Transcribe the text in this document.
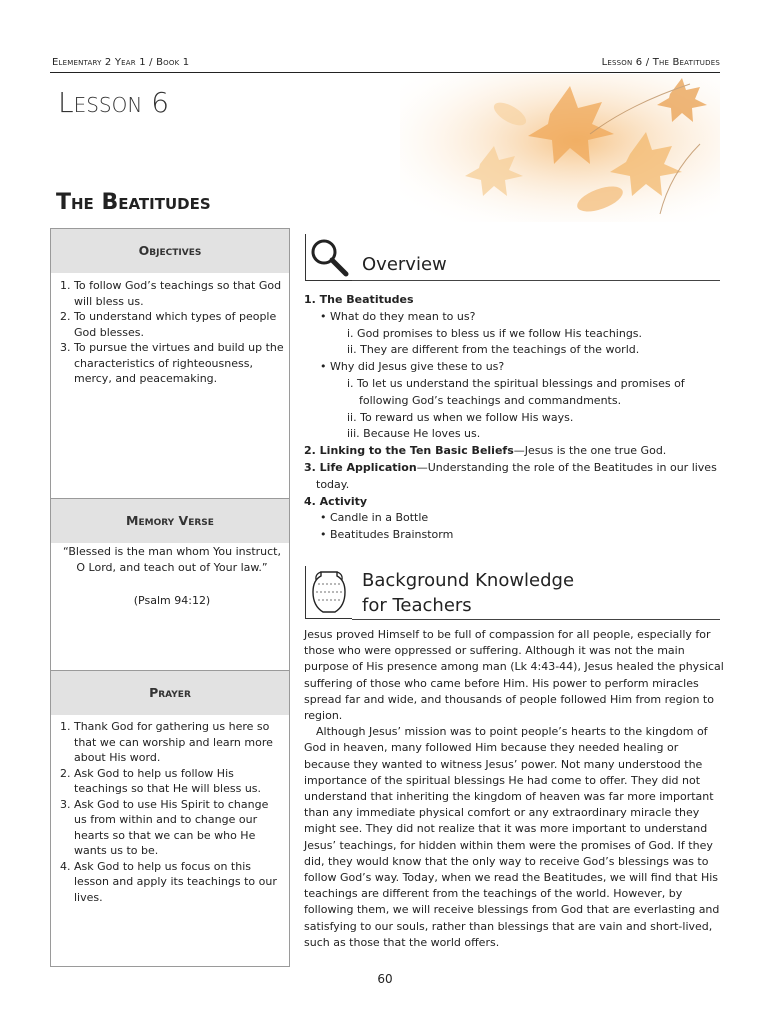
Elementary 2 Year 1 / Book 1	Lesson 6 / The Beatitudes
Lesson 6
The Beatitudes
Objectives
1. To follow God’s teachings so that God will bless us.
2. To understand which types of people God blesses.
3. To pursue the virtues and build up the characteristics of righteousness, mercy, and peacemaking.
Memory Verse
“Blessed is the man whom You instruct, O Lord, and teach out of Your law.”
(Psalm 94:12)
Prayer
1. Thank God for gathering us here so that we can worship and learn more about His word.
2. Ask God to help us follow His teachings so that He will bless us.
3. Ask God to use His Spirit to change us from within and to change our hearts so that we can be who He wants us to be.
4. Ask God to help us focus on this lesson and apply its teachings to our lives.
Overview
1. The Beatitudes
• What do they mean to us?
i. God promises to bless us if we follow His teachings.
ii. They are different from the teachings of the world.
• Why did Jesus give these to us?
i. To let us understand the spiritual blessings and promises of
following God’s teachings and commandments.
ii. To reward us when we follow His ways.
iii. Because He loves us.
2. Linking to the Ten Basic Beliefs—Jesus is the one true God.
3. Life Application—Understanding the role of the Beatitudes in our lives
today.
4. Activity
• Candle in a Bottle
• Beatitudes Brainstorm
Background Knowledge
for Teachers

Jesus proved Himself to be full of compassion for all people, especially for those who were oppressed or suffering. Although it was not the main purpose of His presence among man (Lk 4:43-44), Jesus healed the physical suffering of those who came before Him. His power to perform miracles spread far and wide, and thousands of people followed Him from region to region.

Although Jesus’ mission was to point people’s hearts to the kingdom of God in heaven, many followed Him because they needed healing or because they wanted to witness Jesus’ power. Not many understood the importance of the spiritual blessings He had come to offer. They did not understand that inheriting the kingdom of heaven was far more important than any immediate physical comfort or any extraordinary miracle they might see. They did not realize that it was more important to understand Jesus’ teachings, for hidden within them were the promises of God. If they did, they would know that the only way to receive God’s blessings was to follow God’s way. Today, when we read the Beatitudes, we will find that His teachings are different from the teachings of the world. However, by following them, we will receive blessings from God that are everlasting and satisfying to our souls, rather than blessings that are vain and short-lived, such as those that the world offers.

60
